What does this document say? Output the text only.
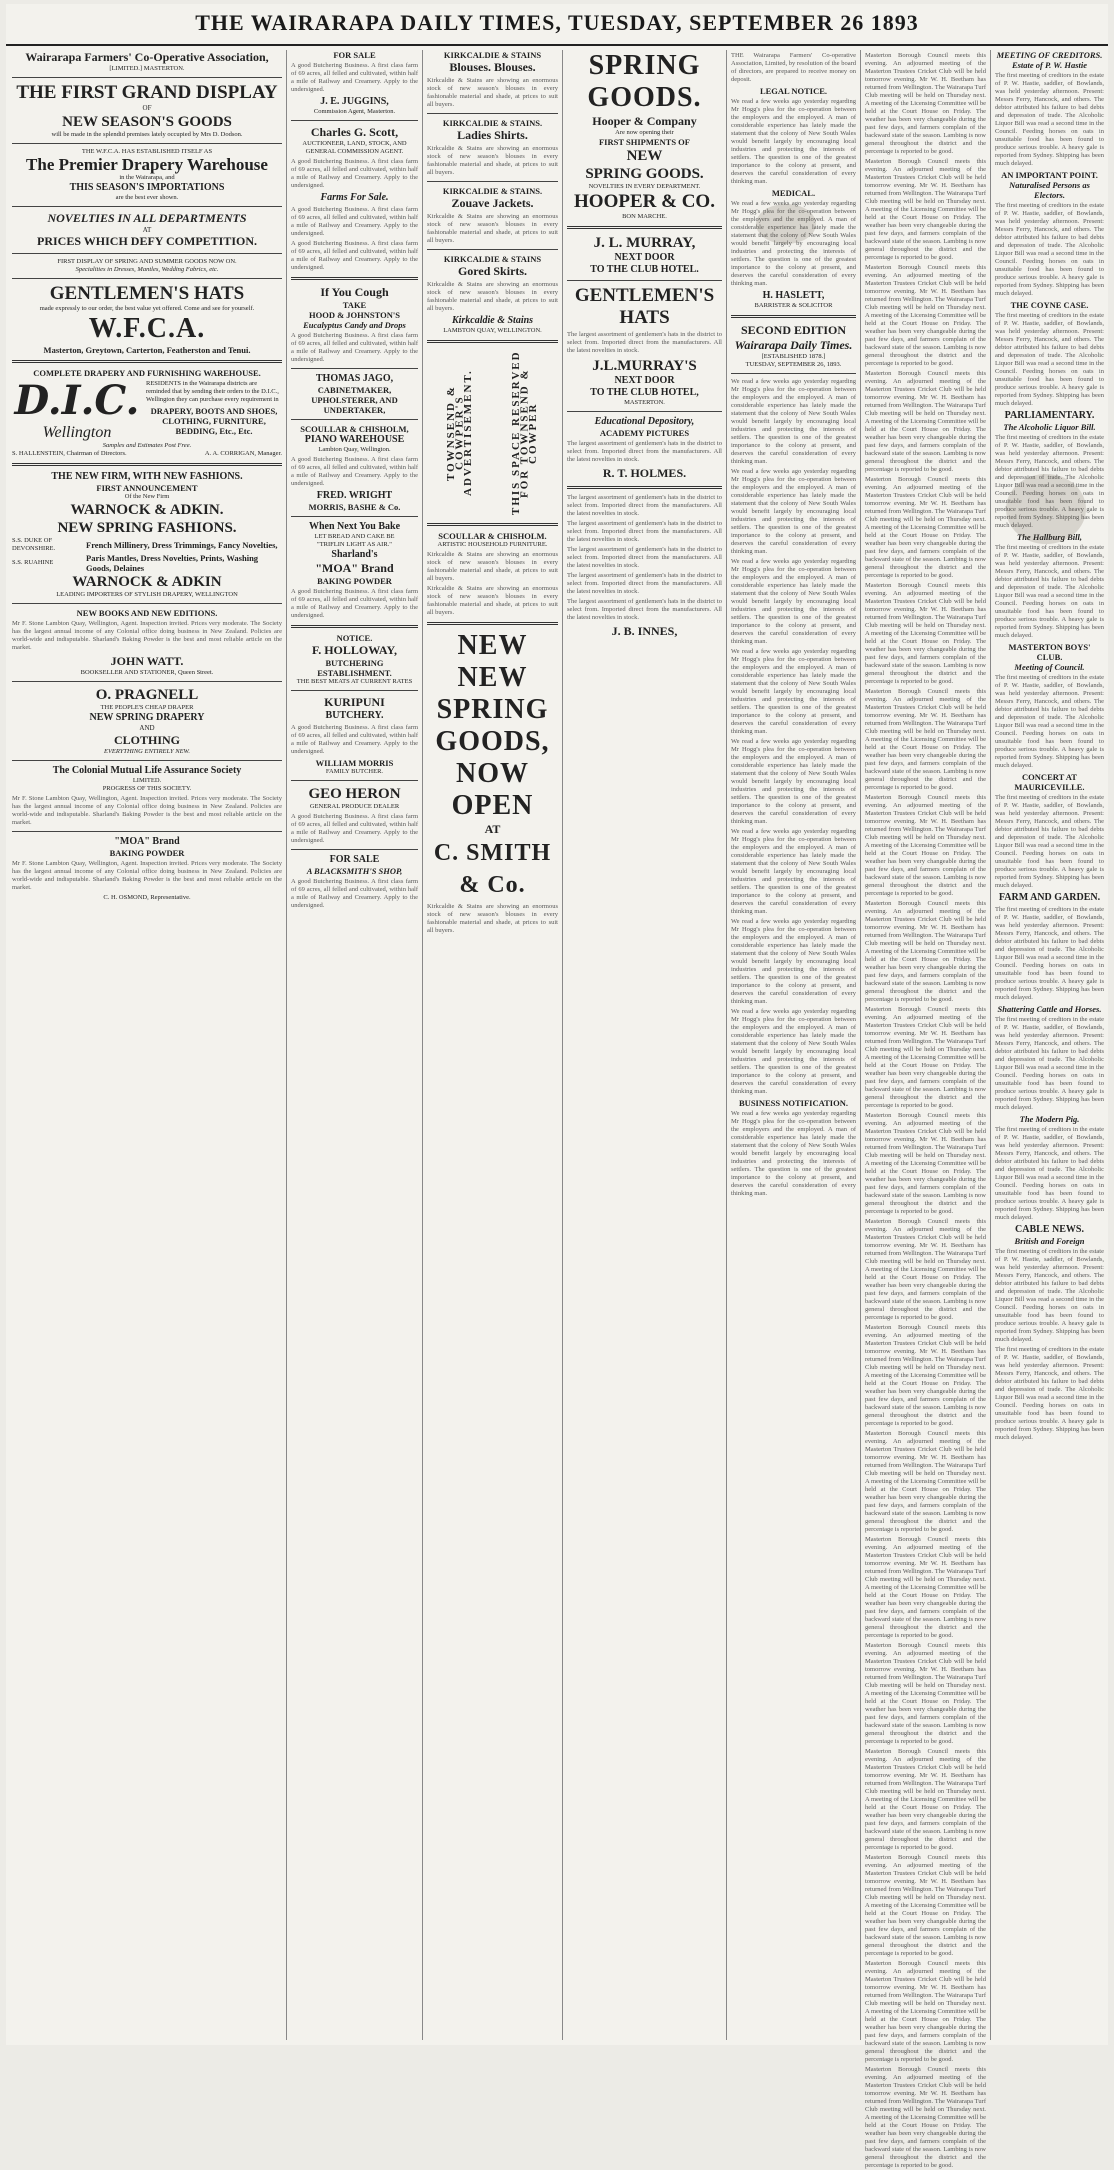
THE WAIRARAPA DAILY TIMES, TUESDAY, SEPTEMBER 26 1893
Wairarapa Farmers' Co-Operative Association,
[LIMITED.] MASTERTON.
THE FIRST GRAND DISPLAY
OF
NEW SEASON'S GOODS
will be made in the splendid premises lately occupied by Mrs D. Dodson.
THE W.F.C.A. HAS ESTABLISHED ITSELF AS
The Premier Drapery Warehouse
in the Wairarapa, and
THIS SEASON'S IMPORTATIONS
are the best ever shown.
NOVELTIES IN ALL DEPARTMENTS
AT
PRICES WHICH DEFY COMPETITION.
FIRST DISPLAY OF SPRING AND SUMMER GOODS NOW ON.
Specialities in Dresses, Mantles, Wedding Fabrics, etc.
GENTLEMEN'S HATS
made expressly to our order, the best value yet offered. Come and see for yourself.
W.F.C.A.
Masterton, Greytown, Carterton, Featherston and Tenui.
COMPLETE DRAPERY AND FURNISHING WAREHOUSE.
D.I.C.
Wellington

RESIDENTS in the Wairarapa districts are reminded that by sending their orders to the D.I.C., Wellington they can purchase every requirement in

DRAPERY, BOOTS AND SHOES, CLOTHING, FURNITURE, BEDDING, Etc., Etc.

Samples and Estimates Post Free.
S. HALLENSTEIN, Chairman of Directors.	A. A. CORRIGAN, Manager.
THE NEW FIRM, WITH NEW FASHIONS.
FIRST ANNOUNCEMENT
Of the New Firm
WARNOCK & ADKIN.
NEW SPRING FASHIONS.
S.S. DUKE OF DEVONSHIRE.	French Millinery, Dress Trimmings, Fancy Novelties,
S.S. RUAHINE	Paris Mantles, Dress Novelties, Prints, Washing Goods, Delaines
WARNOCK & ADKIN
LEADING IMPORTERS OF STYLISH DRAPERY, WELLINGTON
NEW BOOKS AND NEW EDITIONS.

Mr F. Stone Lambton Quay, Wellington, Agent. Inspection invited. Prices very moderate. The Society has the largest annual income of any Colonial office doing business in New Zealand. Policies are world-wide and indisputable. Sharland's Baking Powder is the best and most reliable article on the market.

JOHN WATT.
BOOKSELLER AND STATIONER, Queen Street.
O. PRAGNELL
THE PEOPLE'S CHEAP DRAPER
NEW SPRING DRAPERY
AND
CLOTHING
EVERYTHING ENTIRELY NEW.
The Colonial Mutual Life Assurance Society
LIMITED.
PROGRESS OF THIS SOCIETY.

Mr F. Stone Lambton Quay, Wellington, Agent. Inspection invited. Prices very moderate. The Society has the largest annual income of any Colonial office doing business in New Zealand. Policies are world-wide and indisputable. Sharland's Baking Powder is the best and most reliable article on the market.

"MOA" Brand
BAKING POWDER

Mr F. Stone Lambton Quay, Wellington, Agent. Inspection invited. Prices very moderate. The Society has the largest annual income of any Colonial office doing business in New Zealand. Policies are world-wide and indisputable. Sharland's Baking Powder is the best and most reliable article on the market.

C. H. OSMOND, Representative.
FOR SALE

A good Butchering Business. A first class farm of 69 acres, all felled and cultivated, within half a mile of Railway and Creamery. Apply to the undersigned.

J. E. JUGGINS,
Commission Agent, Masterton.
Charles G. Scott,
AUCTIONEER, LAND, STOCK, AND GENERAL COMMISSION AGENT.

A good Butchering Business. A first class farm of 69 acres, all felled and cultivated, within half a mile of Railway and Creamery. Apply to the undersigned.

Farms For Sale.

A good Butchering Business. A first class farm of 69 acres, all felled and cultivated, within half a mile of Railway and Creamery. Apply to the undersigned.

A good Butchering Business. A first class farm of 69 acres, all felled and cultivated, within half a mile of Railway and Creamery. Apply to the undersigned.

If You Cough
TAKE
HOOD & JOHNSTON'S
Eucalyptus Candy and Drops

A good Butchering Business. A first class farm of 69 acres, all felled and cultivated, within half a mile of Railway and Creamery. Apply to the undersigned.

THOMAS JAGO,
CABINETMAKER, UPHOLSTERER, AND UNDERTAKER,
SCOULLAR & CHISHOLM,
PIANO WAREHOUSE
Lambton Quay, Wellington.

A good Butchering Business. A first class farm of 69 acres, all felled and cultivated, within half a mile of Railway and Creamery. Apply to the undersigned.

FRED. WRIGHT
MORRIS, BASHE & Co.
When Next You Bake
LET BREAD AND CAKE BE
"TRIFLIN LIGHT AS AIR."
Sharland's
"MOA" Brand
BAKING POWDER

A good Butchering Business. A first class farm of 69 acres, all felled and cultivated, within half a mile of Railway and Creamery. Apply to the undersigned.

NOTICE.
F. HOLLOWAY,
BUTCHERING ESTABLISHMENT.
THE BEST MEATS AT CURRENT RATES
KURIPUNI
BUTCHERY.

A good Butchering Business. A first class farm of 69 acres, all felled and cultivated, within half a mile of Railway and Creamery. Apply to the undersigned.

WILLIAM MORRIS
FAMILY BUTCHER.
GEO HERON
GENERAL PRODUCE DEALER

A good Butchering Business. A first class farm of 69 acres, all felled and cultivated, within half a mile of Railway and Creamery. Apply to the undersigned.

FOR SALE
A BLACKSMITH'S SHOP,

A good Butchering Business. A first class farm of 69 acres, all felled and cultivated, within half a mile of Railway and Creamery. Apply to the undersigned.

KIRKCALDIE & STAINS
Blouses. Blouses.

Kirkcaldie & Stains are showing an enormous stock of new season's blouses in every fashionable material and shade, at prices to suit all buyers.

KIRKCALDIE & STAINS.
Ladies Shirts.

Kirkcaldie & Stains are showing an enormous stock of new season's blouses in every fashionable material and shade, at prices to suit all buyers.

KIRKCALDIE & STAINS.
Zouave Jackets.

Kirkcaldie & Stains are showing an enormous stock of new season's blouses in every fashionable material and shade, at prices to suit all buyers.

KIRKCALDIE & STAINS
Gored Skirts.

Kirkcaldie & Stains are showing an enormous stock of new season's blouses in every fashionable material and shade, at prices to suit all buyers.

Kirkcaldie & Stains
LAMBTON QUAY, WELLINGTON.
TOWNSEND & COWPER'S ADVERTISEMENT.	THIS SPACE RESERVED FOR TOWNSEND & COWPER
SCOULLAR & CHISHOLM.
ARTISTIC HOUSEHOLD FURNITURE.

Kirkcaldie & Stains are showing an enormous stock of new season's blouses in every fashionable material and shade, at prices to suit all buyers.

Kirkcaldie & Stains are showing an enormous stock of new season's blouses in every fashionable material and shade, at prices to suit all buyers.

NEW
NEW
SPRING
GOODS,
NOW OPEN
AT
C. SMITH & Co.

Kirkcaldie & Stains are showing an enormous stock of new season's blouses in every fashionable material and shade, at prices to suit all buyers.

SPRING
GOODS.
Hooper & Company
Are now opening their
FIRST SHIPMENTS OF
NEW
SPRING GOODS.
NOVELTIES IN EVERY DEPARTMENT.
HOOPER & CO.
BON MARCHE.
J. L. MURRAY,
NEXT DOOR
TO THE CLUB HOTEL.
GENTLEMEN'S HATS

The largest assortment of gentlemen's hats in the district to select from. Imported direct from the manufacturers. All the latest novelties in stock.

J.L.MURRAY'S
NEXT DOOR
TO THE CLUB HOTEL,
MASTERTON.
Educational Depository,
ACADEMY PICTURES

The largest assortment of gentlemen's hats in the district to select from. Imported direct from the manufacturers. All the latest novelties in stock.

R. T. HOLMES.

The largest assortment of gentlemen's hats in the district to select from. Imported direct from the manufacturers. All the latest novelties in stock.

The largest assortment of gentlemen's hats in the district to select from. Imported direct from the manufacturers. All the latest novelties in stock.

The largest assortment of gentlemen's hats in the district to select from. Imported direct from the manufacturers. All the latest novelties in stock.

The largest assortment of gentlemen's hats in the district to select from. Imported direct from the manufacturers. All the latest novelties in stock.

The largest assortment of gentlemen's hats in the district to select from. Imported direct from the manufacturers. All the latest novelties in stock.

J. B. INNES,

THE Wairarapa Farmers' Co-operative Association, Limited, by resolution of the board of directors, are prepared to receive money on deposit.

LEGAL NOTICE.

We read a few weeks ago yesterday regarding Mr Hogg's plea for the co-operation between the employers and the employed. A man of considerable experience has lately made the statement that the colony of New South Wales would benefit largely by encouraging local industries and protecting the interests of settlers. The question is one of the greatest importance to the colony at present, and deserves the careful consideration of every thinking man.

MEDICAL.

We read a few weeks ago yesterday regarding Mr Hogg's plea for the co-operation between the employers and the employed. A man of considerable experience has lately made the statement that the colony of New South Wales would benefit largely by encouraging local industries and protecting the interests of settlers. The question is one of the greatest importance to the colony at present, and deserves the careful consideration of every thinking man.

H. HASLETT,
BARRISTER & SOLICITOR
SECOND EDITION
Wairarapa Daily Times.
[ESTABLISHED 1878.]
TUESDAY, SEPTEMBER 26, 1893.

We read a few weeks ago yesterday regarding Mr Hogg's plea for the co-operation between the employers and the employed. A man of considerable experience has lately made the statement that the colony of New South Wales would benefit largely by encouraging local industries and protecting the interests of settlers. The question is one of the greatest importance to the colony at present, and deserves the careful consideration of every thinking man.

We read a few weeks ago yesterday regarding Mr Hogg's plea for the co-operation between the employers and the employed. A man of considerable experience has lately made the statement that the colony of New South Wales would benefit largely by encouraging local industries and protecting the interests of settlers. The question is one of the greatest importance to the colony at present, and deserves the careful consideration of every thinking man.

We read a few weeks ago yesterday regarding Mr Hogg's plea for the co-operation between the employers and the employed. A man of considerable experience has lately made the statement that the colony of New South Wales would benefit largely by encouraging local industries and protecting the interests of settlers. The question is one of the greatest importance to the colony at present, and deserves the careful consideration of every thinking man.

We read a few weeks ago yesterday regarding Mr Hogg's plea for the co-operation between the employers and the employed. A man of considerable experience has lately made the statement that the colony of New South Wales would benefit largely by encouraging local industries and protecting the interests of settlers. The question is one of the greatest importance to the colony at present, and deserves the careful consideration of every thinking man.

We read a few weeks ago yesterday regarding Mr Hogg's plea for the co-operation between the employers and the employed. A man of considerable experience has lately made the statement that the colony of New South Wales would benefit largely by encouraging local industries and protecting the interests of settlers. The question is one of the greatest importance to the colony at present, and deserves the careful consideration of every thinking man.

We read a few weeks ago yesterday regarding Mr Hogg's plea for the co-operation between the employers and the employed. A man of considerable experience has lately made the statement that the colony of New South Wales would benefit largely by encouraging local industries and protecting the interests of settlers. The question is one of the greatest importance to the colony at present, and deserves the careful consideration of every thinking man.

We read a few weeks ago yesterday regarding Mr Hogg's plea for the co-operation between the employers and the employed. A man of considerable experience has lately made the statement that the colony of New South Wales would benefit largely by encouraging local industries and protecting the interests of settlers. The question is one of the greatest importance to the colony at present, and deserves the careful consideration of every thinking man.

We read a few weeks ago yesterday regarding Mr Hogg's plea for the co-operation between the employers and the employed. A man of considerable experience has lately made the statement that the colony of New South Wales would benefit largely by encouraging local industries and protecting the interests of settlers. The question is one of the greatest importance to the colony at present, and deserves the careful consideration of every thinking man.

BUSINESS NOTIFICATION.

We read a few weeks ago yesterday regarding Mr Hogg's plea for the co-operation between the employers and the employed. A man of considerable experience has lately made the statement that the colony of New South Wales would benefit largely by encouraging local industries and protecting the interests of settlers. The question is one of the greatest importance to the colony at present, and deserves the careful consideration of every thinking man.

Masterton Borough Council meets this evening. An adjourned meeting of the Masterton Trustees Cricket Club will be held tomorrow evening. Mr W. H. Beetham has returned from Wellington. The Wairarapa Turf Club meeting will be held on Thursday next. A meeting of the Licensing Committee will be held at the Court House on Friday. The weather has been very changeable during the past few days, and farmers complain of the backward state of the season. Lambing is now general throughout the district and the percentage is reported to be good.

Masterton Borough Council meets this evening. An adjourned meeting of the Masterton Trustees Cricket Club will be held tomorrow evening. Mr W. H. Beetham has returned from Wellington. The Wairarapa Turf Club meeting will be held on Thursday next. A meeting of the Licensing Committee will be held at the Court House on Friday. The weather has been very changeable during the past few days, and farmers complain of the backward state of the season. Lambing is now general throughout the district and the percentage is reported to be good.

Masterton Borough Council meets this evening. An adjourned meeting of the Masterton Trustees Cricket Club will be held tomorrow evening. Mr W. H. Beetham has returned from Wellington. The Wairarapa Turf Club meeting will be held on Thursday next. A meeting of the Licensing Committee will be held at the Court House on Friday. The weather has been very changeable during the past few days, and farmers complain of the backward state of the season. Lambing is now general throughout the district and the percentage is reported to be good.

Masterton Borough Council meets this evening. An adjourned meeting of the Masterton Trustees Cricket Club will be held tomorrow evening. Mr W. H. Beetham has returned from Wellington. The Wairarapa Turf Club meeting will be held on Thursday next. A meeting of the Licensing Committee will be held at the Court House on Friday. The weather has been very changeable during the past few days, and farmers complain of the backward state of the season. Lambing is now general throughout the district and the percentage is reported to be good.

Masterton Borough Council meets this evening. An adjourned meeting of the Masterton Trustees Cricket Club will be held tomorrow evening. Mr W. H. Beetham has returned from Wellington. The Wairarapa Turf Club meeting will be held on Thursday next. A meeting of the Licensing Committee will be held at the Court House on Friday. The weather has been very changeable during the past few days, and farmers complain of the backward state of the season. Lambing is now general throughout the district and the percentage is reported to be good.

Masterton Borough Council meets this evening. An adjourned meeting of the Masterton Trustees Cricket Club will be held tomorrow evening. Mr W. H. Beetham has returned from Wellington. The Wairarapa Turf Club meeting will be held on Thursday next. A meeting of the Licensing Committee will be held at the Court House on Friday. The weather has been very changeable during the past few days, and farmers complain of the backward state of the season. Lambing is now general throughout the district and the percentage is reported to be good.

Masterton Borough Council meets this evening. An adjourned meeting of the Masterton Trustees Cricket Club will be held tomorrow evening. Mr W. H. Beetham has returned from Wellington. The Wairarapa Turf Club meeting will be held on Thursday next. A meeting of the Licensing Committee will be held at the Court House on Friday. The weather has been very changeable during the past few days, and farmers complain of the backward state of the season. Lambing is now general throughout the district and the percentage is reported to be good.

Masterton Borough Council meets this evening. An adjourned meeting of the Masterton Trustees Cricket Club will be held tomorrow evening. Mr W. H. Beetham has returned from Wellington. The Wairarapa Turf Club meeting will be held on Thursday next. A meeting of the Licensing Committee will be held at the Court House on Friday. The weather has been very changeable during the past few days, and farmers complain of the backward state of the season. Lambing is now general throughout the district and the percentage is reported to be good.

Masterton Borough Council meets this evening. An adjourned meeting of the Masterton Trustees Cricket Club will be held tomorrow evening. Mr W. H. Beetham has returned from Wellington. The Wairarapa Turf Club meeting will be held on Thursday next. A meeting of the Licensing Committee will be held at the Court House on Friday. The weather has been very changeable during the past few days, and farmers complain of the backward state of the season. Lambing is now general throughout the district and the percentage is reported to be good.

Masterton Borough Council meets this evening. An adjourned meeting of the Masterton Trustees Cricket Club will be held tomorrow evening. Mr W. H. Beetham has returned from Wellington. The Wairarapa Turf Club meeting will be held on Thursday next. A meeting of the Licensing Committee will be held at the Court House on Friday. The weather has been very changeable during the past few days, and farmers complain of the backward state of the season. Lambing is now general throughout the district and the percentage is reported to be good.

Masterton Borough Council meets this evening. An adjourned meeting of the Masterton Trustees Cricket Club will be held tomorrow evening. Mr W. H. Beetham has returned from Wellington. The Wairarapa Turf Club meeting will be held on Thursday next. A meeting of the Licensing Committee will be held at the Court House on Friday. The weather has been very changeable during the past few days, and farmers complain of the backward state of the season. Lambing is now general throughout the district and the percentage is reported to be good.

Masterton Borough Council meets this evening. An adjourned meeting of the Masterton Trustees Cricket Club will be held tomorrow evening. Mr W. H. Beetham has returned from Wellington. The Wairarapa Turf Club meeting will be held on Thursday next. A meeting of the Licensing Committee will be held at the Court House on Friday. The weather has been very changeable during the past few days, and farmers complain of the backward state of the season. Lambing is now general throughout the district and the percentage is reported to be good.

Masterton Borough Council meets this evening. An adjourned meeting of the Masterton Trustees Cricket Club will be held tomorrow evening. Mr W. H. Beetham has returned from Wellington. The Wairarapa Turf Club meeting will be held on Thursday next. A meeting of the Licensing Committee will be held at the Court House on Friday. The weather has been very changeable during the past few days, and farmers complain of the backward state of the season. Lambing is now general throughout the district and the percentage is reported to be good.

Masterton Borough Council meets this evening. An adjourned meeting of the Masterton Trustees Cricket Club will be held tomorrow evening. Mr W. H. Beetham has returned from Wellington. The Wairarapa Turf Club meeting will be held on Thursday next. A meeting of the Licensing Committee will be held at the Court House on Friday. The weather has been very changeable during the past few days, and farmers complain of the backward state of the season. Lambing is now general throughout the district and the percentage is reported to be good.

Masterton Borough Council meets this evening. An adjourned meeting of the Masterton Trustees Cricket Club will be held tomorrow evening. Mr W. H. Beetham has returned from Wellington. The Wairarapa Turf Club meeting will be held on Thursday next. A meeting of the Licensing Committee will be held at the Court House on Friday. The weather has been very changeable during the past few days, and farmers complain of the backward state of the season. Lambing is now general throughout the district and the percentage is reported to be good.

Masterton Borough Council meets this evening. An adjourned meeting of the Masterton Trustees Cricket Club will be held tomorrow evening. Mr W. H. Beetham has returned from Wellington. The Wairarapa Turf Club meeting will be held on Thursday next. A meeting of the Licensing Committee will be held at the Court House on Friday. The weather has been very changeable during the past few days, and farmers complain of the backward state of the season. Lambing is now general throughout the district and the percentage is reported to be good.

Masterton Borough Council meets this evening. An adjourned meeting of the Masterton Trustees Cricket Club will be held tomorrow evening. Mr W. H. Beetham has returned from Wellington. The Wairarapa Turf Club meeting will be held on Thursday next. A meeting of the Licensing Committee will be held at the Court House on Friday. The weather has been very changeable during the past few days, and farmers complain of the backward state of the season. Lambing is now general throughout the district and the percentage is reported to be good.

Masterton Borough Council meets this evening. An adjourned meeting of the Masterton Trustees Cricket Club will be held tomorrow evening. Mr W. H. Beetham has returned from Wellington. The Wairarapa Turf Club meeting will be held on Thursday next. A meeting of the Licensing Committee will be held at the Court House on Friday. The weather has been very changeable during the past few days, and farmers complain of the backward state of the season. Lambing is now general throughout the district and the percentage is reported to be good.

Masterton Borough Council meets this evening. An adjourned meeting of the Masterton Trustees Cricket Club will be held tomorrow evening. Mr W. H. Beetham has returned from Wellington. The Wairarapa Turf Club meeting will be held on Thursday next. A meeting of the Licensing Committee will be held at the Court House on Friday. The weather has been very changeable during the past few days, and farmers complain of the backward state of the season. Lambing is now general throughout the district and the percentage is reported to be good.

Masterton Borough Council meets this evening. An adjourned meeting of the Masterton Trustees Cricket Club will be held tomorrow evening. Mr W. H. Beetham has returned from Wellington. The Wairarapa Turf Club meeting will be held on Thursday next. A meeting of the Licensing Committee will be held at the Court House on Friday. The weather has been very changeable during the past few days, and farmers complain of the backward state of the season. Lambing is now general throughout the district and the percentage is reported to be good.

MEETING OF CREDITORS.
Estate of P. W. Hastie

The first meeting of creditors in the estate of P. W. Hastie, saddler, of Bowlands, was held yesterday afternoon. Present: Messrs Ferry, Hancock, and others. The debtor attributed his failure to bad debts and depression of trade. The Alcoholic Liquor Bill was read a second time in the Council. Feeding horses on oats in unsuitable food has been found to produce serious trouble. A heavy gale is reported from Sydney. Shipping has been much delayed.

AN IMPORTANT POINT.
Naturalised Persons as Electors.

The first meeting of creditors in the estate of P. W. Hastie, saddler, of Bowlands, was held yesterday afternoon. Present: Messrs Ferry, Hancock, and others. The debtor attributed his failure to bad debts and depression of trade. The Alcoholic Liquor Bill was read a second time in the Council. Feeding horses on oats in unsuitable food has been found to produce serious trouble. A heavy gale is reported from Sydney. Shipping has been much delayed.

THE COYNE CASE.

The first meeting of creditors in the estate of P. W. Hastie, saddler, of Bowlands, was held yesterday afternoon. Present: Messrs Ferry, Hancock, and others. The debtor attributed his failure to bad debts and depression of trade. The Alcoholic Liquor Bill was read a second time in the Council. Feeding horses on oats in unsuitable food has been found to produce serious trouble. A heavy gale is reported from Sydney. Shipping has been much delayed.

PARLIAMENTARY.
The Alcoholic Liquor Bill.

The first meeting of creditors in the estate of P. W. Hastie, saddler, of Bowlands, was held yesterday afternoon. Present: Messrs Ferry, Hancock, and others. The debtor attributed his failure to bad debts and depression of trade. The Alcoholic Liquor Bill was read a second time in the Council. Feeding horses on oats in unsuitable food has been found to produce serious trouble. A heavy gale is reported from Sydney. Shipping has been much delayed.

The Hallburg Bill,

The first meeting of creditors in the estate of P. W. Hastie, saddler, of Bowlands, was held yesterday afternoon. Present: Messrs Ferry, Hancock, and others. The debtor attributed his failure to bad debts and depression of trade. The Alcoholic Liquor Bill was read a second time in the Council. Feeding horses on oats in unsuitable food has been found to produce serious trouble. A heavy gale is reported from Sydney. Shipping has been much delayed.

MASTERTON BOYS' CLUB.
Meeting of Council.

The first meeting of creditors in the estate of P. W. Hastie, saddler, of Bowlands, was held yesterday afternoon. Present: Messrs Ferry, Hancock, and others. The debtor attributed his failure to bad debts and depression of trade. The Alcoholic Liquor Bill was read a second time in the Council. Feeding horses on oats in unsuitable food has been found to produce serious trouble. A heavy gale is reported from Sydney. Shipping has been much delayed.

CONCERT AT MAURICEVILLE.

The first meeting of creditors in the estate of P. W. Hastie, saddler, of Bowlands, was held yesterday afternoon. Present: Messrs Ferry, Hancock, and others. The debtor attributed his failure to bad debts and depression of trade. The Alcoholic Liquor Bill was read a second time in the Council. Feeding horses on oats in unsuitable food has been found to produce serious trouble. A heavy gale is reported from Sydney. Shipping has been much delayed.

FARM AND GARDEN.

The first meeting of creditors in the estate of P. W. Hastie, saddler, of Bowlands, was held yesterday afternoon. Present: Messrs Ferry, Hancock, and others. The debtor attributed his failure to bad debts and depression of trade. The Alcoholic Liquor Bill was read a second time in the Council. Feeding horses on oats in unsuitable food has been found to produce serious trouble. A heavy gale is reported from Sydney. Shipping has been much delayed.

Shattering Cattle and Horses.

The first meeting of creditors in the estate of P. W. Hastie, saddler, of Bowlands, was held yesterday afternoon. Present: Messrs Ferry, Hancock, and others. The debtor attributed his failure to bad debts and depression of trade. The Alcoholic Liquor Bill was read a second time in the Council. Feeding horses on oats in unsuitable food has been found to produce serious trouble. A heavy gale is reported from Sydney. Shipping has been much delayed.

The Modern Pig.

The first meeting of creditors in the estate of P. W. Hastie, saddler, of Bowlands, was held yesterday afternoon. Present: Messrs Ferry, Hancock, and others. The debtor attributed his failure to bad debts and depression of trade. The Alcoholic Liquor Bill was read a second time in the Council. Feeding horses on oats in unsuitable food has been found to produce serious trouble. A heavy gale is reported from Sydney. Shipping has been much delayed.

CABLE NEWS.
British and Foreign

The first meeting of creditors in the estate of P. W. Hastie, saddler, of Bowlands, was held yesterday afternoon. Present: Messrs Ferry, Hancock, and others. The debtor attributed his failure to bad debts and depression of trade. The Alcoholic Liquor Bill was read a second time in the Council. Feeding horses on oats in unsuitable food has been found to produce serious trouble. A heavy gale is reported from Sydney. Shipping has been much delayed.

The first meeting of creditors in the estate of P. W. Hastie, saddler, of Bowlands, was held yesterday afternoon. Present: Messrs Ferry, Hancock, and others. The debtor attributed his failure to bad debts and depression of trade. The Alcoholic Liquor Bill was read a second time in the Council. Feeding horses on oats in unsuitable food has been found to produce serious trouble. A heavy gale is reported from Sydney. Shipping has been much delayed.
